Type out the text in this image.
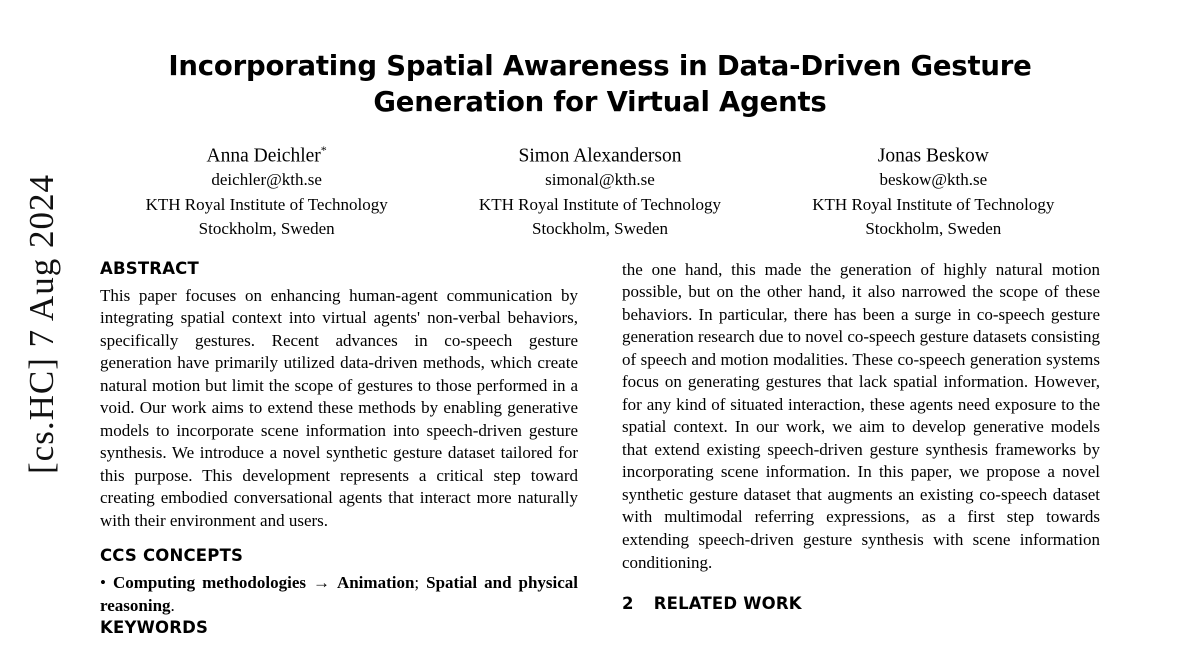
[cs.HC] 7 Aug 2024
Incorporating Spatial Awareness in Data-Driven Gesture Generation for Virtual Agents
Anna Deichler*
deichler@kth.se
KTH Royal Institute of Technology
Stockholm, Sweden
Simon Alexanderson
simonal@kth.se
KTH Royal Institute of Technology
Stockholm, Sweden
Jonas Beskow
beskow@kth.se
KTH Royal Institute of Technology
Stockholm, Sweden
ABSTRACT

This paper focuses on enhancing human-agent communication by integrating spatial context into virtual agents' non-verbal behaviors, specifically gestures. Recent advances in co-speech gesture generation have primarily utilized data-driven methods, which create natural motion but limit the scope of gestures to those performed in a void. Our work aims to extend these methods by enabling generative models to incorporate scene information into speech-driven gesture synthesis. We introduce a novel synthetic gesture dataset tailored for this purpose. This development represents a critical step toward creating embodied conversational agents that interact more naturally with their environment and users.

CCS CONCEPTS

• Computing methodologies → Animation; Spatial and physical reasoning.

KEYWORDS

the one hand, this made the generation of highly natural motion possible, but on the other hand, it also narrowed the scope of these behaviors. In particular, there has been a surge in co-speech gesture generation research due to novel co-speech gesture datasets consisting of speech and motion modalities. These co-speech generation systems focus on generating gestures that lack spatial information. However, for any kind of situated interaction, these agents need exposure to the spatial context. In our work, we aim to develop generative models that extend existing speech-driven gesture synthesis frameworks by incorporating scene information. In this paper, we propose a novel synthetic gesture dataset that augments an existing co-speech dataset with multimodal referring expressions, as a first step towards extending speech-driven gesture synthesis with scene information conditioning.

2 RELATED WORK
